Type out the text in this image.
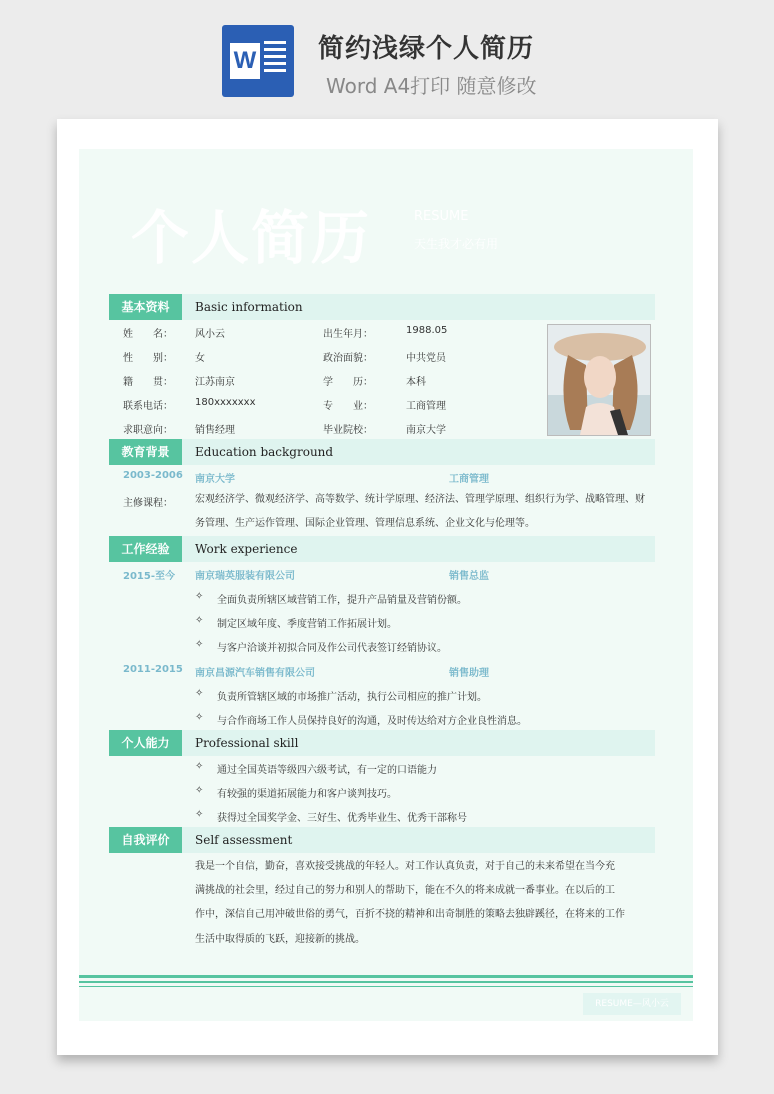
W 简约浅绿个人简历
Word A4打印 随意修改
个人简历	RESUME
天生我才必有用
基本资料	Basic information
姓　　名： 风小云	出生年月：	1988.05
性　　别： 女	政治面貌：	中共党员
籍　　贯： 江苏南京	学　　历：	本科
联系电话： 180xxxxxxx	专　　业：	工商管理
求职意向： 销售经理	毕业院校：	南京大学
教育背景	Education background
2003-2006 南京大学	工商管理
主修课程： 宏观经济学、微观经济学、高等数学、统计学原理、经济法、管理学原理、组织行为学、战略管理、财务管理、生产运作管理、国际企业管理、管理信息系统、企业文化与伦理等。
工作经验	Work experience
2015-至今 南京瑞英服装有限公司	销售总监
✧ 全面负责所辖区域营销工作，提升产品销量及营销份额。
✧ 制定区域年度、季度营销工作拓展计划。
✧ 与客户洽谈并初拟合同及作公司代表签订经销协议。
2011-2015 南京昌源汽车销售有限公司	销售助理
✧ 负责所管辖区域的市场推广活动，执行公司相应的推广计划。
✧ 与合作商场工作人员保持良好的沟通，及时传达给对方企业良性消息。
个人能力	Professional skill
✧ 通过全国英语等级四六级考试，有一定的口语能力
✧ 有较强的渠道拓展能力和客户谈判技巧。
✧ 获得过全国奖学金、三好生、优秀毕业生、优秀干部称号
自我评价	Self assessment
我是一个自信，勤奋，喜欢接受挑战的年轻人。对工作认真负责，对于自己的未来希望在当今充
满挑战的社会里，经过自己的努力和别人的帮助下，能在不久的将来成就一番事业。在以后的工
作中，深信自己用冲破世俗的勇气，百折不挠的精神和出奇制胜的策略去独辟蹊径，在将来的工作
生活中取得质的飞跃，迎接新的挑战。
RESUME—风小云
